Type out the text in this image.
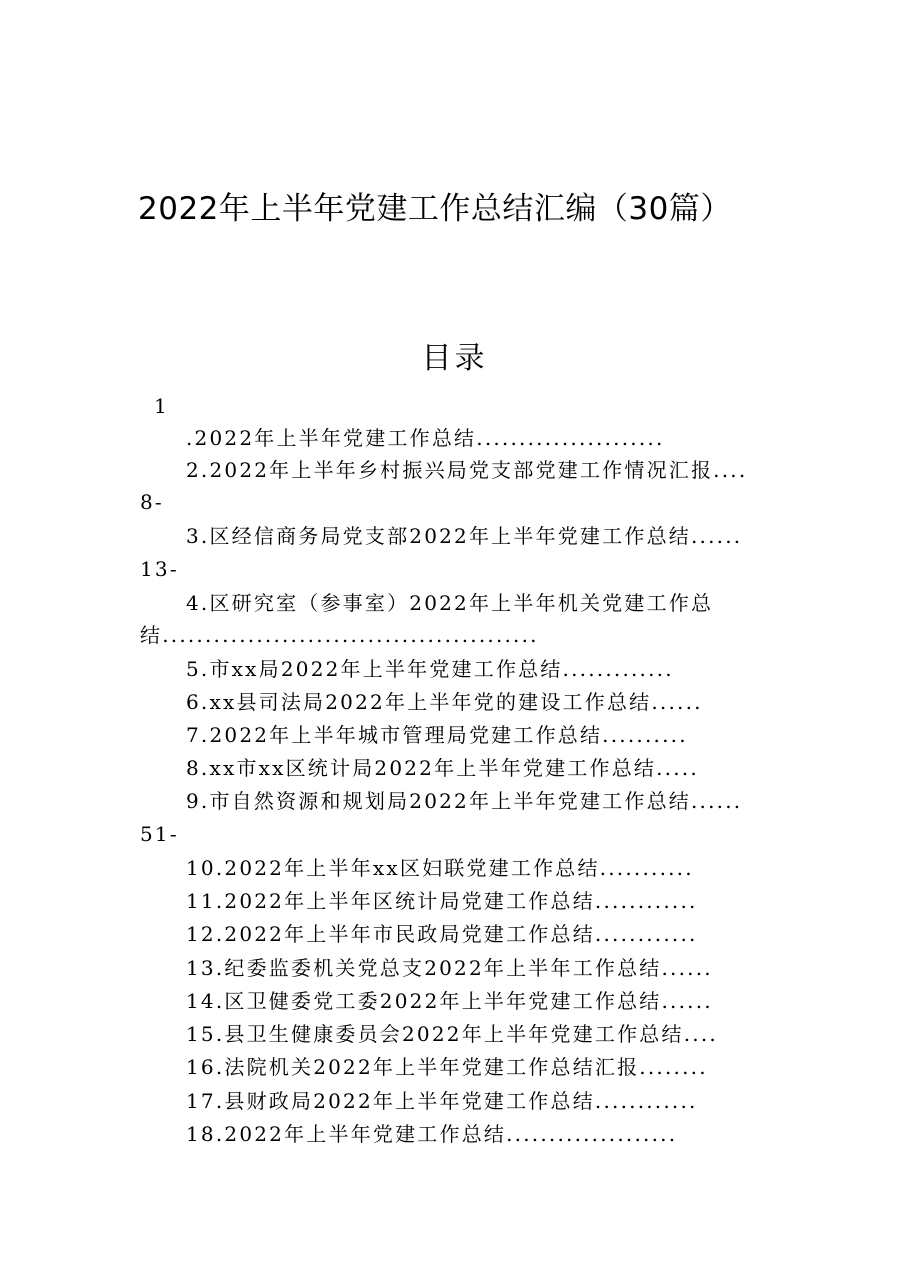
2022年上半年党建工作总结汇编（30篇）
目录
1
.2022年上半年党建工作总结......................
2.2022年上半年乡村振兴局党支部党建工作情况汇报....
8-
3.区经信商务局党支部2022年上半年党建工作总结......
13-
4.区研究室（参事室）2022年上半年机关党建工作总
结............................................
5.市xx局2022年上半年党建工作总结.............
6.xx县司法局2022年上半年党的建设工作总结......
7.2022年上半年城市管理局党建工作总结..........
8.xx市xx区统计局2022年上半年党建工作总结.....
9.市自然资源和规划局2022年上半年党建工作总结......
51-
10.2022年上半年xx区妇联党建工作总结...........
11.2022年上半年区统计局党建工作总结............
12.2022年上半年市民政局党建工作总结............
13.纪委监委机关党总支2022年上半年工作总结......
14.区卫健委党工委2022年上半年党建工作总结......
15.县卫生健康委员会2022年上半年党建工作总结....
16.法院机关2022年上半年党建工作总结汇报........
17.县财政局2022年上半年党建工作总结............
18.2022年上半年党建工作总结....................
